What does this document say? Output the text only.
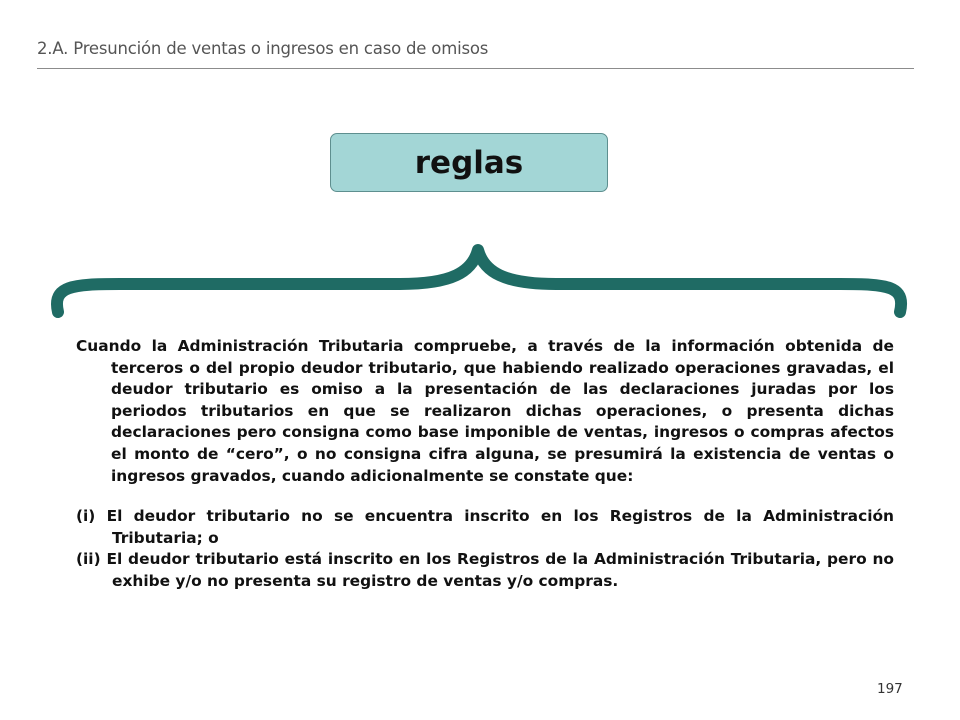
2.A. Presunción de ventas o ingresos en caso de omisos
reglas

Cuando la Administración Tributaria compruebe, a través de la información obtenida de terceros o del propio deudor tributario, que habiendo realizado operaciones gravadas, el deudor tributario es omiso a la presentación de las declaraciones juradas por los periodos tributarios en que se realizaron dichas operaciones, o presenta dichas declaraciones pero consigna como base imponible de ventas, ingresos o compras afectos el monto de “cero”, o no consigna cifra alguna, se presumirá la existencia de ventas o ingresos gravados, cuando adicionalmente se constate que:

(i) El deudor tributario no se encuentra inscrito en los Registros de la Administración Tributaria; o

(ii) El deudor tributario está inscrito en los Registros de la Administración Tributaria, pero no exhibe y/o no presenta su registro de ventas y/o compras.

197
